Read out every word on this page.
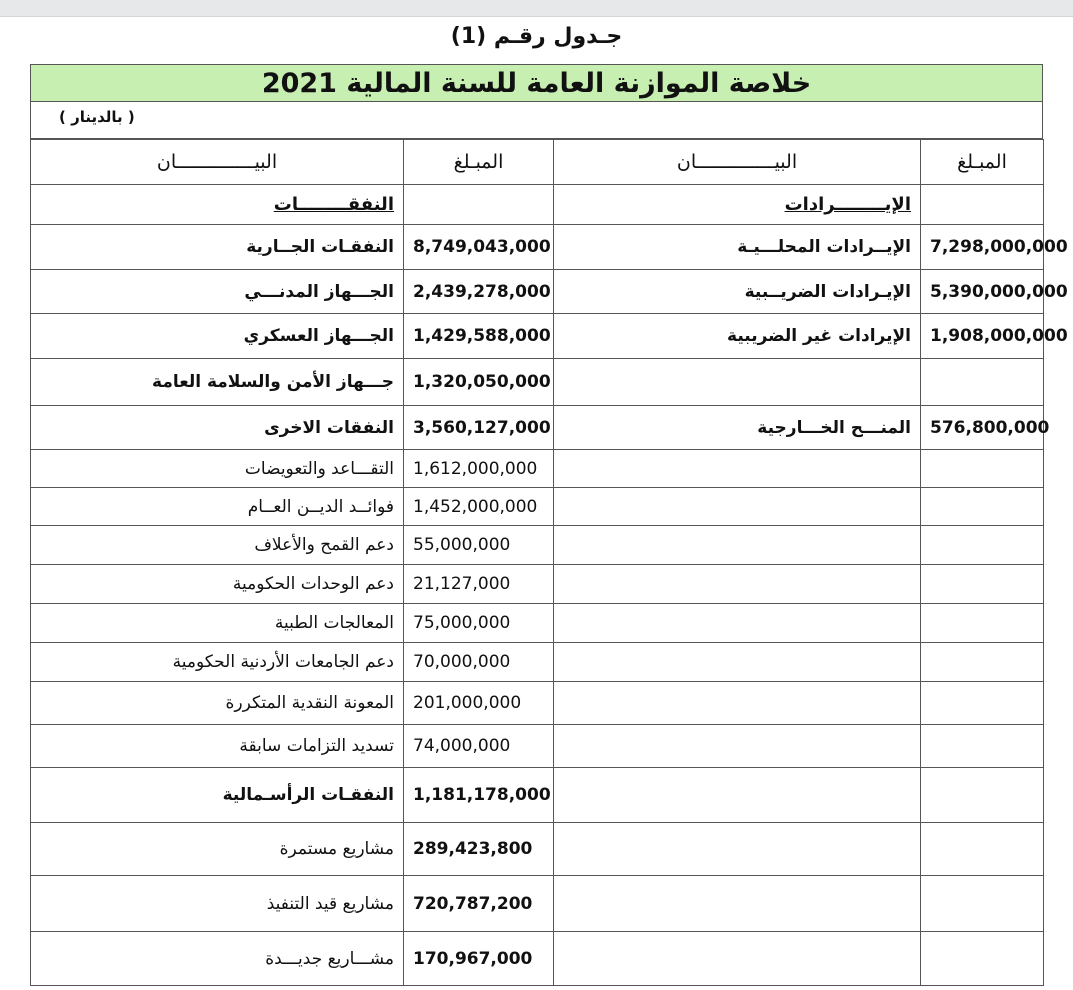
جـدول رقـم (1)
خلاصة الموازنة العامة للسنة المالية 2021
( بالدينار )
المبـلغ	البيــــــــــــــان	المبـلغ	البيــــــــــــــان
	الإيــــــــرادات		النفقــــــــات
7,298,000,000	الإيــرادات المحلـــيـة	8,749,043,000	النفقـات الجــارية
5,390,000,000	الإيـرادات الضريــبية	2,439,278,000	الجـــهاز المدنـــي
1,908,000,000	الإيرادات غير الضريبية	1,429,588,000	الجـــهاز العسكري
		1,320,050,000	جـــهاز الأمن والسلامة العامة
576,800,000	المنـــح الخـــارجية	3,560,127,000	النفقات الاخرى
		1,612,000,000	التقـــاعد والتعويضات
		1,452,000,000	فوائــد الديــن العــام
		55,000,000	دعم القمح والأعلاف
		21,127,000	دعم الوحدات الحكومية
		75,000,000	المعالجات الطبية
		70,000,000	دعم الجامعات الأردنية الحكومية
		201,000,000	المعونة النقدية المتكررة
		74,000,000	تسديد التزامات سابقة
		1,181,178,000	النفقـات الرأسـمالية
		289,423,800	مشاريع مستمرة
		720,787,200	مشاريع قيد التنفيذ
		170,967,000	مشـــاريع جديـــدة
